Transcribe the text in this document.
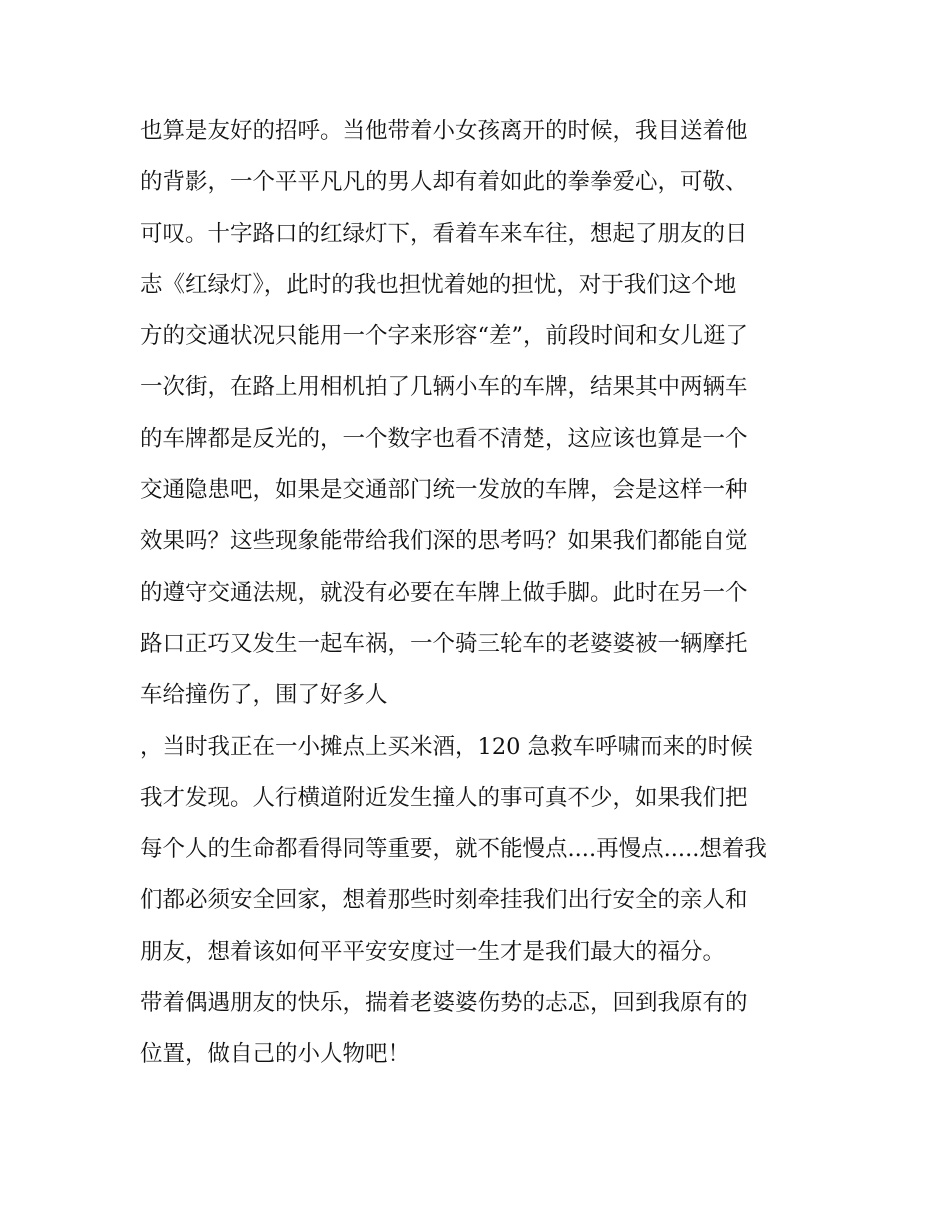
也算是友好的招呼。当他带着小女孩离开的时候，我目送着他
的背影，一个平平凡凡的男人却有着如此的拳拳爱心，可敬、
可叹。十字路口的红绿灯下，看着车来车往，想起了朋友的日
志《红绿灯》，此时的我也担忧着她的担忧，对于我们这个地
方的交通状况只能用一个字来形容“差”，前段时间和女儿逛了
一次街，在路上用相机拍了几辆小车的车牌，结果其中两辆车
的车牌都是反光的，一个数字也看不清楚，这应该也算是一个
交通隐患吧，如果是交通部门统一发放的车牌，会是这样一种
效果吗？这些现象能带给我们深的思考吗？如果我们都能自觉
的遵守交通法规，就没有必要在车牌上做手脚。此时在另一个
路口正巧又发生一起车祸，一个骑三轮车的老婆婆被一辆摩托
车给撞伤了，围了好多人
，当时我正在一小摊点上买米酒，120 急救车呼啸而来的时候
我才发现。人行横道附近发生撞人的事可真不少，如果我们把
每个人的生命都看得同等重要，就不能慢点....再慢点.....想着我
们都必须安全回家，想着那些时刻牵挂我们出行安全的亲人和
朋友，想着该如何平平安安度过一生才是我们最大的福分。
带着偶遇朋友的快乐，揣着老婆婆伤势的忐忑，回到我原有的
位置，做自己的小人物吧！
